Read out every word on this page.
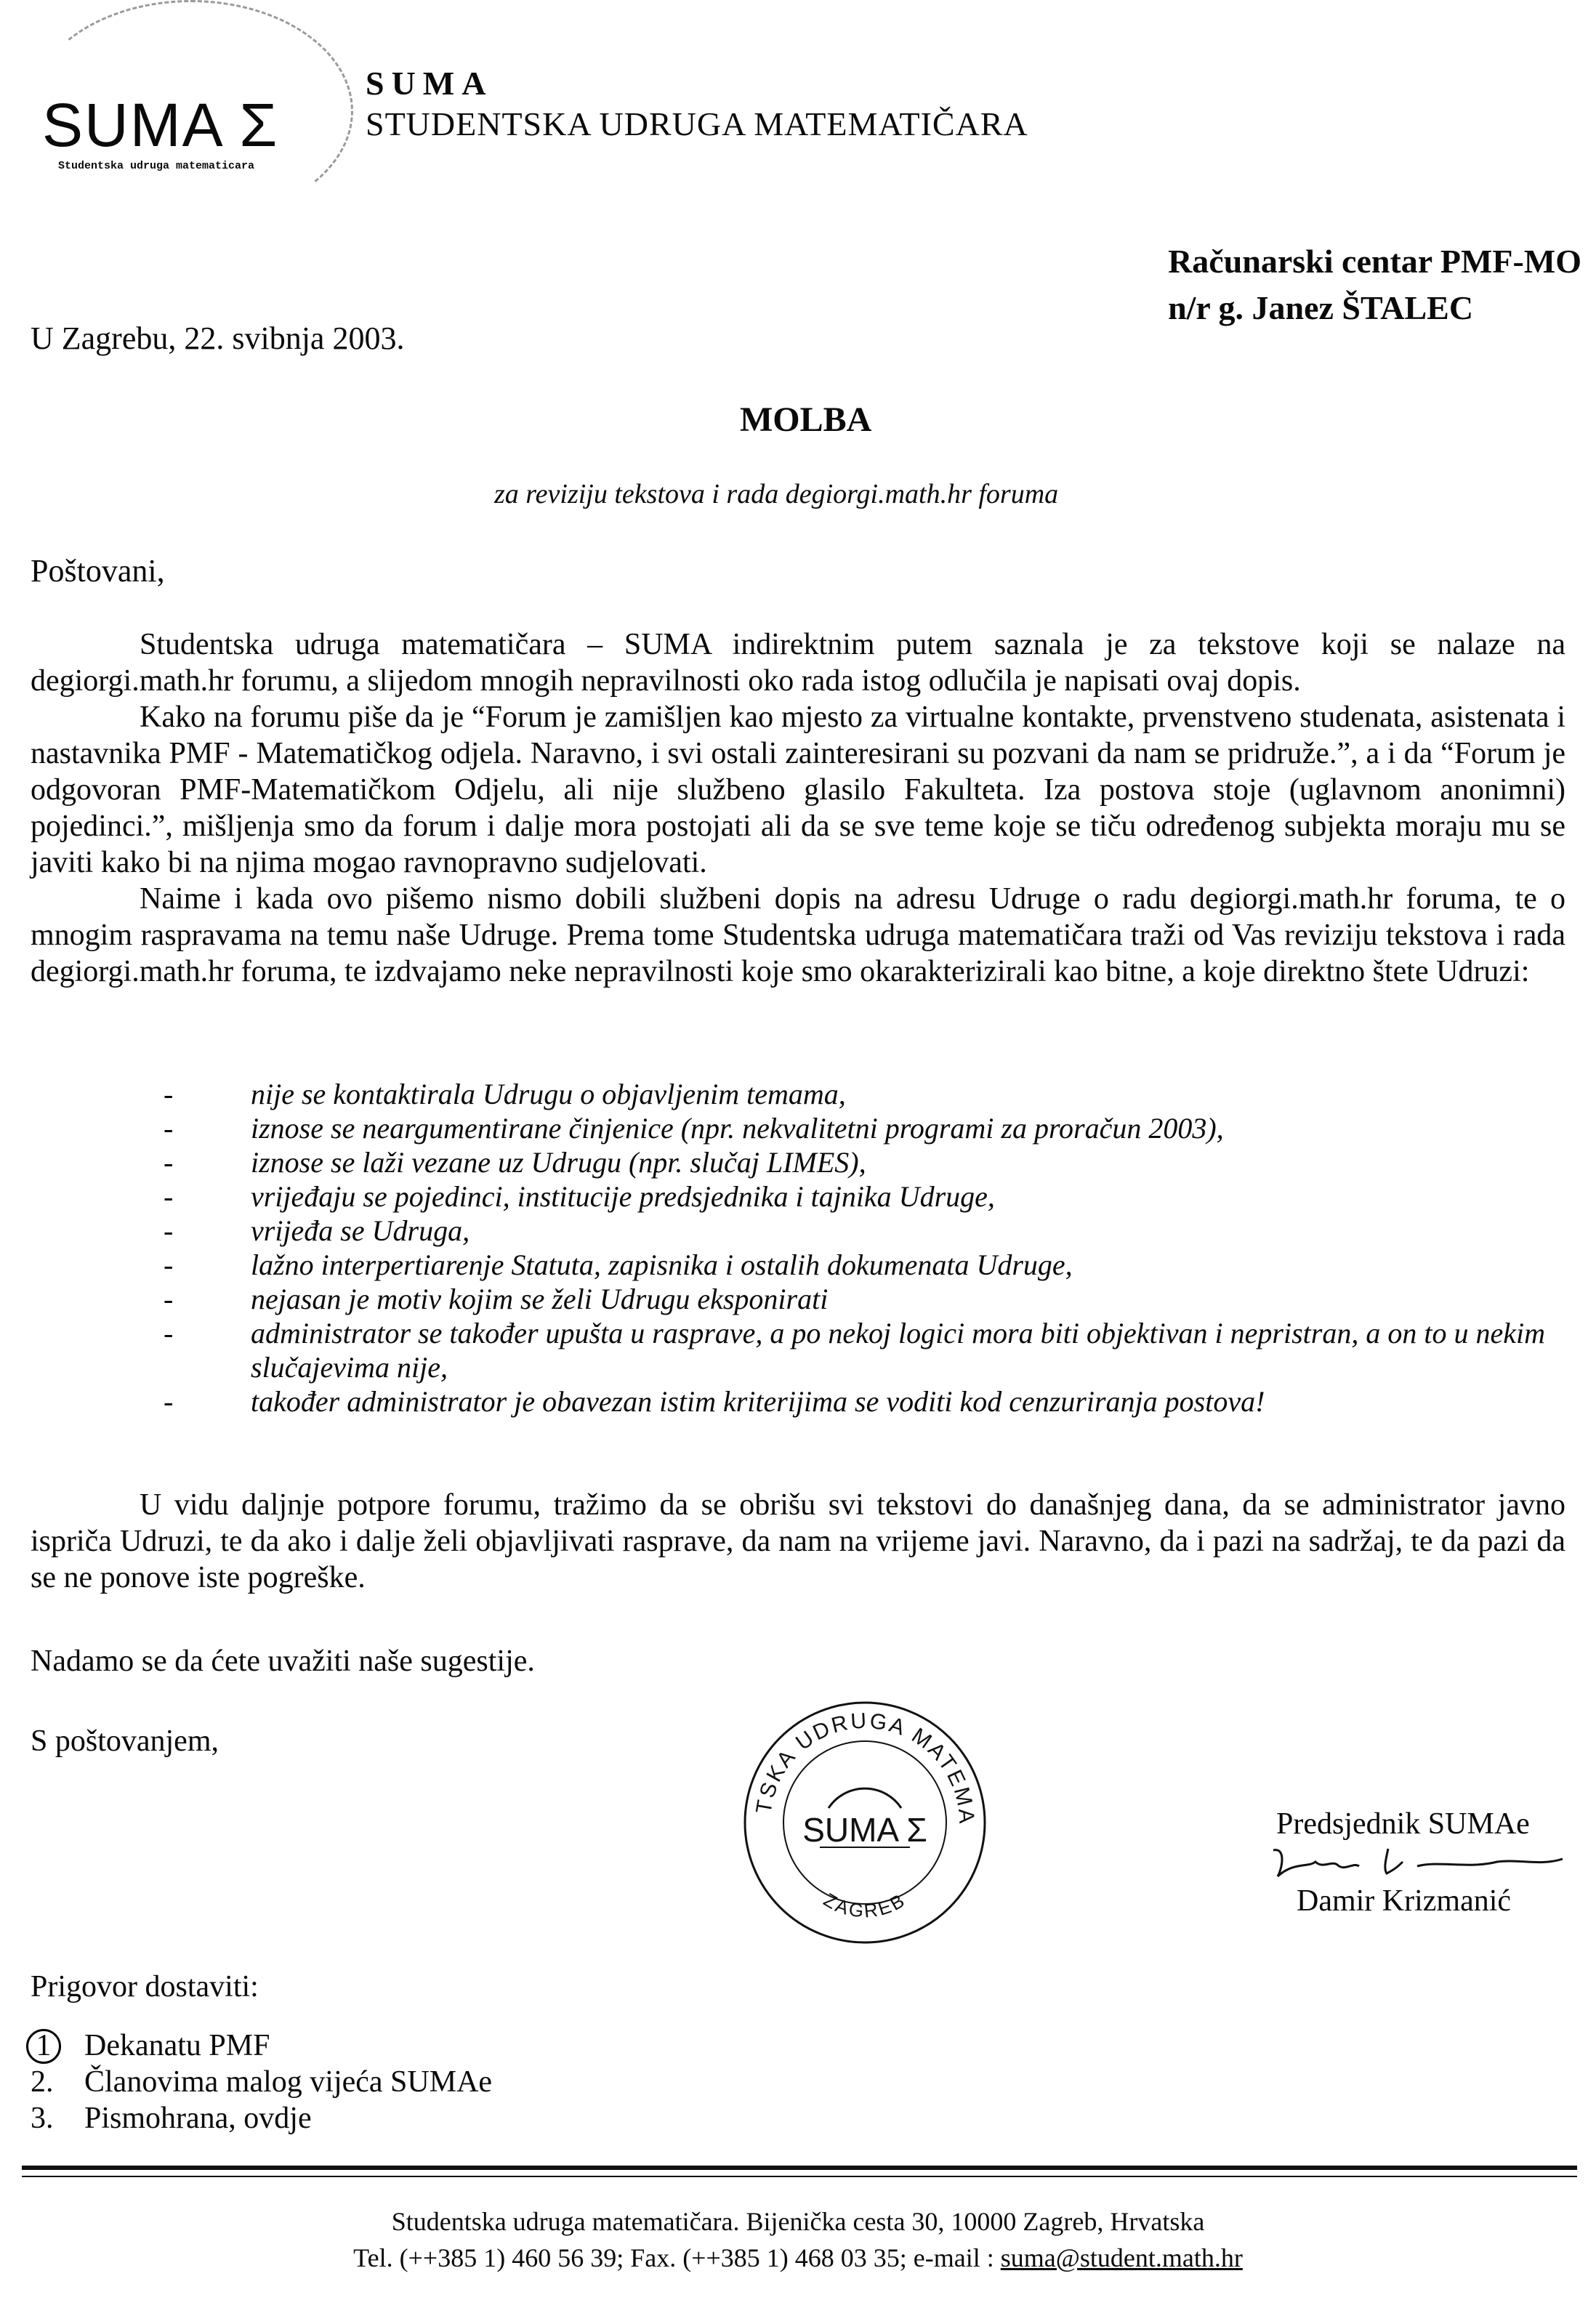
SUMA Σ
Studentska udruga matematicara
SUMA
STUDENTSKA UDRUGA MATEMATIČARA
Računarski centar PMF-MO
n/r g. Janez ŠTALEC
U Zagrebu, 22. svibnja 2003.
MOLBA
za reviziju tekstova i rada degiorgi.math.hr foruma
Poštovani,

Studentska udruga matematičara – SUMA indirektnim putem saznala je za tekstove koji se nalaze na degiorgi.math.hr forumu, a slijedom mnogih nepravilnosti oko rada istog odlučila je napisati ovaj dopis.

Kako na forumu piše da je “Forum je zamišljen kao mjesto za virtualne kontakte, prvenstveno studenata, asistenata i nastavnika PMF - Matematičkog odjela. Naravno, i svi ostali zainteresirani su pozvani da nam se pridruže.”, a i da “Forum je odgovoran PMF-Matematičkom Odjelu, ali nije službeno glasilo Fakulteta. Iza postova stoje (uglavnom anonimni) pojedinci.”, mišljenja smo da forum i dalje mora postojati ali da se sve teme koje se tiču određenog subjekta moraju mu se javiti kako bi na njima mogao ravnopravno sudjelovati.

Naime i kada ovo pišemo nismo dobili službeni dopis na adresu Udruge o radu degiorgi.math.hr foruma, te o mnogim raspravama na temu naše Udruge. Prema tome Studentska udruga matematičara traži od Vas reviziju tekstova i rada degiorgi.math.hr foruma, te izdvajamo neke nepravilnosti koje smo okarakterizirali kao bitne, a koje direktno štete Udruzi:

- nije se kontaktirala Udrugu o objavljenim temama,
- iznose se neargumentirane činjenice (npr. nekvalitetni programi za proračun 2003),
- iznose se laži vezane uz Udrugu (npr. slučaj LIMES),
- vrijeđaju se pojedinci, institucije predsjednika i tajnika Udruge,
- vrijeđa se Udruga,
- lažno interpertiarenje Statuta, zapisnika i ostalih dokumenata Udruge,
- nejasan je motiv kojim se želi Udrugu eksponirati
- administrator se također upušta u rasprave, a po nekoj logici mora biti objektivan i nepristran, a on to u nekim slučajevima nije,
- također administrator je obavezan istim kriterijima se voditi kod cenzuriranja postova!

U vidu daljnje potpore forumu, tražimo da se obrišu svi tekstovi do današnjeg dana, da se administrator javno ispriča Udruzi, te da ako i dalje želi objavljivati rasprave, da nam na vrijeme javi. Naravno, da i pazi na sadržaj, te da pazi da se ne ponove iste pogreške.

Nadamo se da ćete uvažiti naše sugestije.
S poštovanjem,
TSKA UDRUGA MATEMA
SUMA Σ
ZAGREB
Predsjednik SUMAe
Damir Krizmanić
Prigovor dostaviti:
1	Dekanatu PMF
2. Članovima malog vijeća SUMAe
3. Pismohrana, ovdje
Studentska udruga matematičara. Bijenička cesta 30, 10000 Zagreb, Hrvatska
Tel. (++385 1) 460 56 39; Fax. (++385 1) 468 03 35; e-mail : suma@student.math.hr
